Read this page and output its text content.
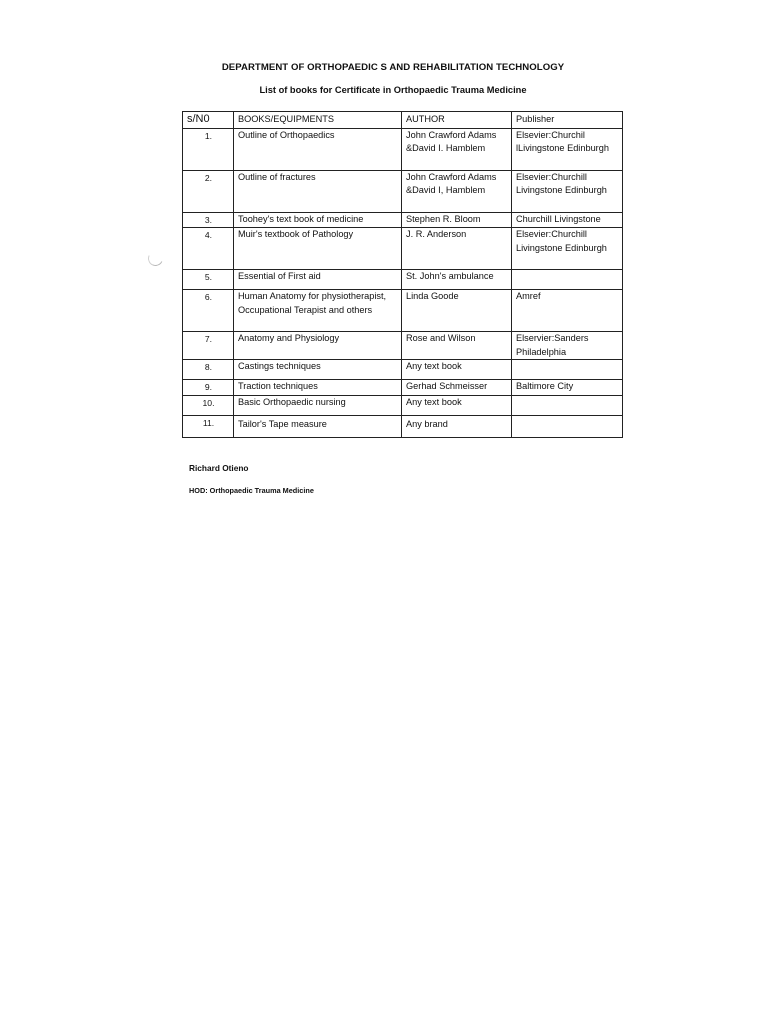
DEPARTMENT OF ORTHOPAEDIC S AND REHABILITATION TECHNOLOGY
List of books for Certificate in Orthopaedic Trauma Medicine
s/N0	BOOKS/EQUIPMENTS	AUTHOR	Publisher
1.	Outline of Orthopaedics	John Crawford Adams &David I. Hamblem	Elsevier:Churchil lLivingstone Edinburgh
2.	Outline of fractures	John Crawford Adams &David I, Hamblem	Elsevier:Churchill Livingstone Edinburgh
3.	Toohey's text book of medicine	Stephen R. Bloom	Churchill Livingstone
4.	Muir's textbook of Pathology	J. R. Anderson	Elsevier:Churchill Livingstone Edinburgh
5.	Essential of First aid	St. John's ambulance	
6.	Human Anatomy for physiotherapist, Occupational Terapist and others	Linda Goode	Amref
7.	Anatomy and Physiology	Rose and Wilson	Elservier:Sanders Philadelphia
8.	Castings techniques	Any text book	
9.	Traction techniques	Gerhad Schmeisser	Baltimore City
10.	Basic Orthopaedic nursing	Any text book	
11.	Tailor's Tape measure	Any brand	
Richard Otieno
HOD: Orthopaedic Trauma Medicine
